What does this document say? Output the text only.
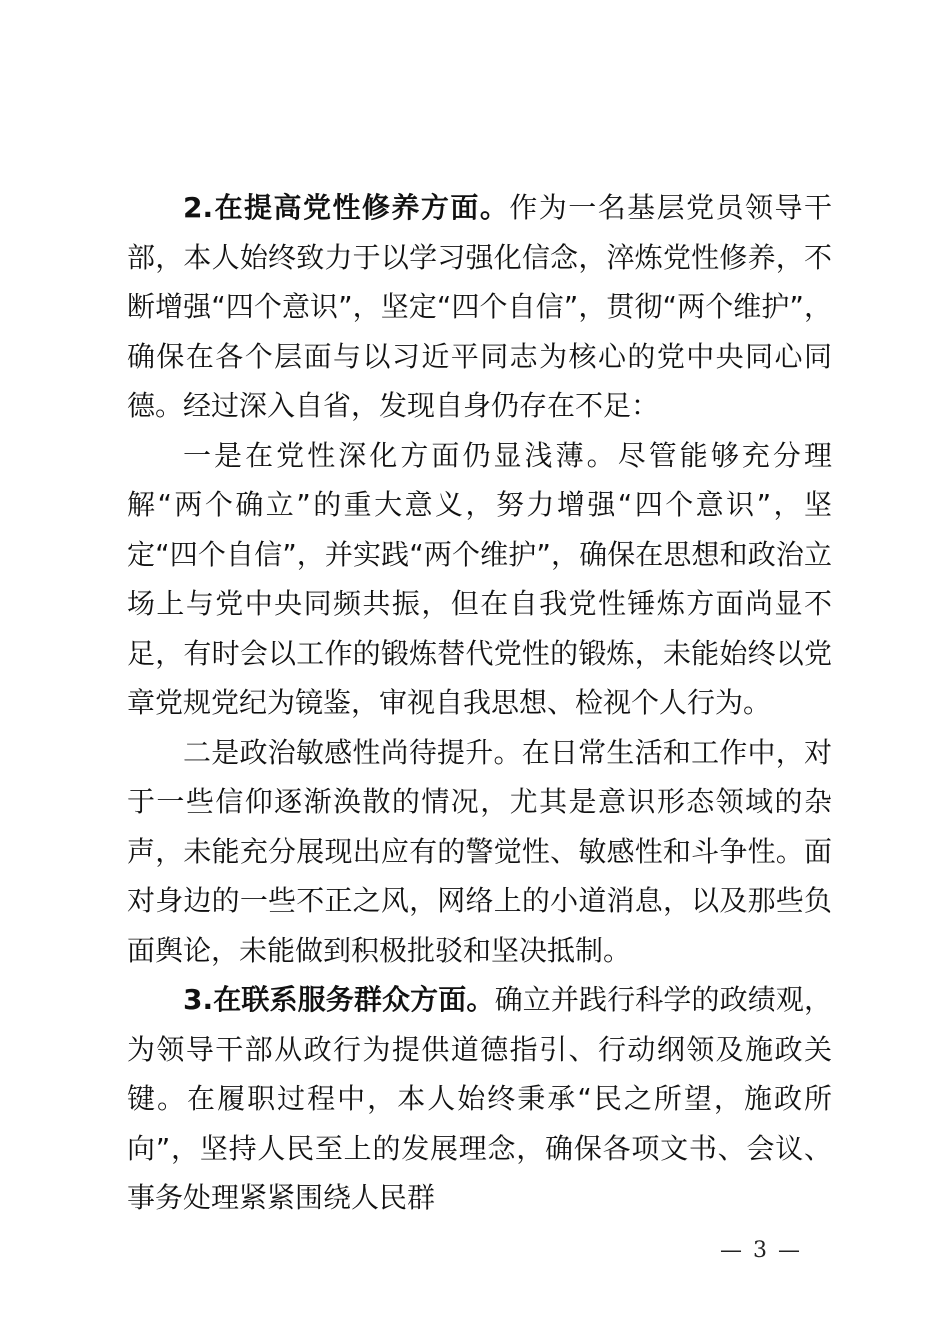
2.在提高党性修养方面。作为一名基层党员领导干部，本人始终致力于以学习强化信念，淬炼党性修养，不断增强“四个意识”，坚定“四个自信”，贯彻“两个维护”，确保在各个层面与以习近平同志为核心的党中央同心同德。经过深入自省，发现自身仍存在不足：

一是在党性深化方面仍显浅薄。尽管能够充分理解“两个确立”的重大意义，努力增强“四个意识”，坚定“四个自信”，并实践“两个维护”，确保在思想和政治立场上与党中央同频共振，但在自我党性锤炼方面尚显不足，有时会以工作的锻炼替代党性的锻炼，未能始终以党章党规党纪为镜鉴，审视自我思想、检视个人行为。

二是政治敏感性尚待提升。在日常生活和工作中，对于一些信仰逐渐涣散的情况，尤其是意识形态领域的杂声，未能充分展现出应有的警觉性、敏感性和斗争性。面对身边的一些不正之风，网络上的小道消息，以及那些负面舆论，未能做到积极批驳和坚决抵制。

3.在联系服务群众方面。确立并践行科学的政绩观，为领导干部从政行为提供道德指引、行动纲领及施政关键。在履职过程中，本人始终秉承“民之所望，施政所向”，坚持人民至上的发展理念，确保各项文书、会议、事务处理紧紧围绕人民群

— 3 —
